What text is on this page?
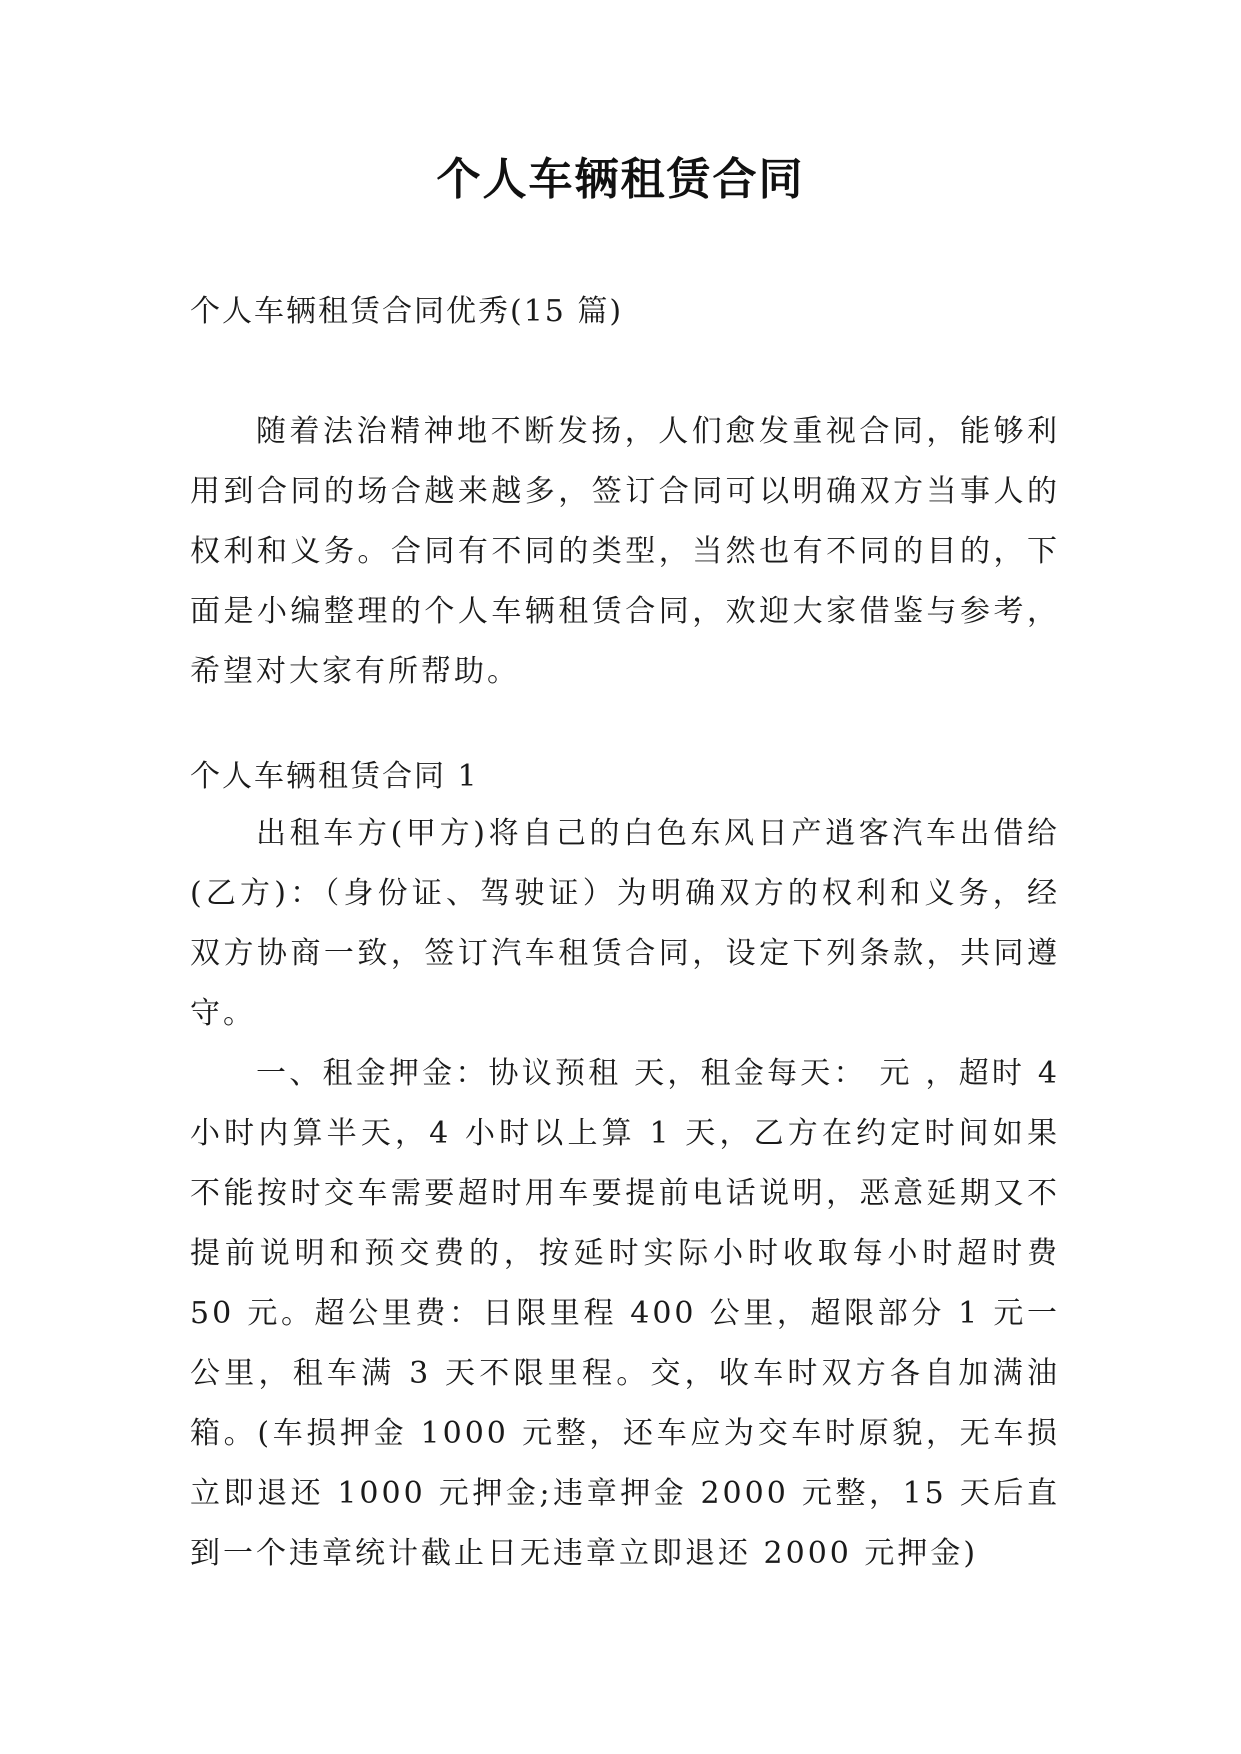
个人车辆租赁合同

个人车辆租赁合同优秀(15 篇)

随着法治精神地不断发扬，人们愈发重视合同，能够利用到合同的场合越来越多，签订合同可以明确双方当事人的权利和义务。合同有不同的类型，当然也有不同的目的，下面是小编整理的个人车辆租赁合同，欢迎大家借鉴与参考，希望对大家有所帮助。

个人车辆租赁合同 1

出租车方(甲方)将自己的白色东风日产逍客汽车出借给(乙方)：（身份证、驾驶证）为明确双方的权利和义务，经双方协商一致，签订汽车租赁合同，设定下列条款，共同遵守。

一、租金押金：协议预租 天，租金每天： 元 ，超时 4 小时内算半天，4 小时以上算 1 天，乙方在约定时间如果不能按时交车需要超时用车要提前电话说明，恶意延期又不提前说明和预交费的，按延时实际小时收取每小时超时费 50 元。超公里费：日限里程 400 公里，超限部分 1 元一公里，租车满 3 天不限里程。交，收车时双方各自加满油箱。(车损押金 1000 元整，还车应为交车时原貌，无车损立即退还 1000 元押金;违章押金 2000 元整，15 天后直到一个违章统计截止日无违章立即退还 2000 元押金)
